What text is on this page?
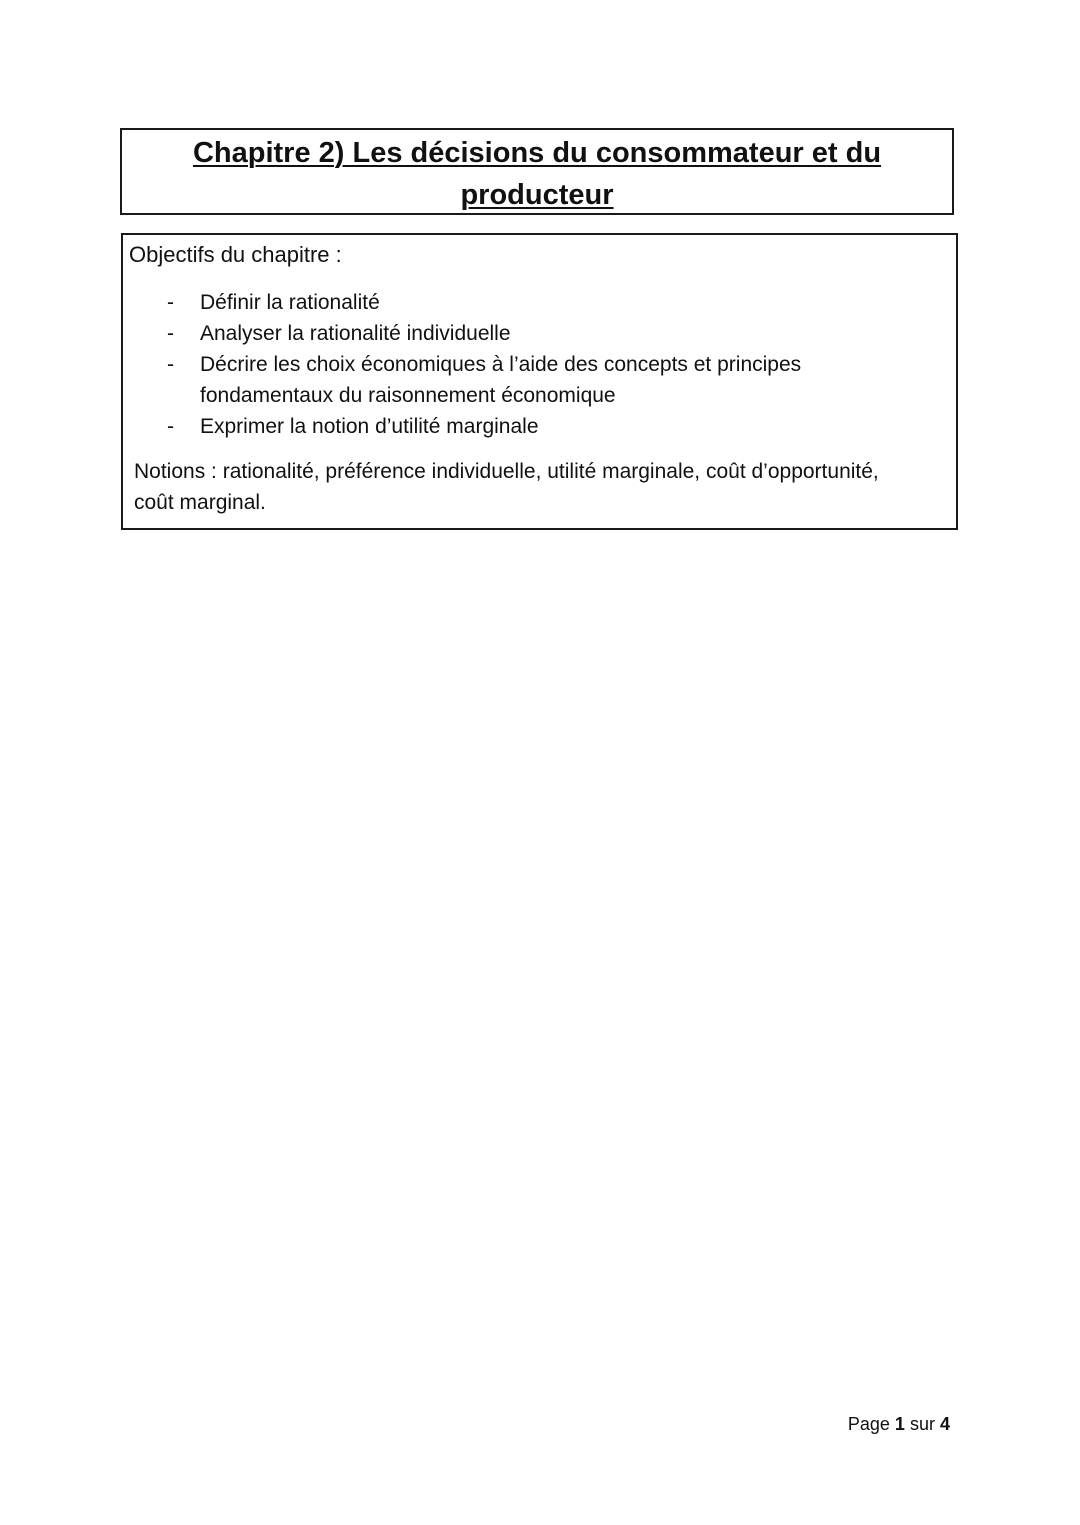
Chapitre 2) Les décisions du consommateur et du
producteur
Objectifs du chapitre :
- Définir la rationalité
- Analyser la rationalité individuelle
- Décrire les choix économiques à l’aide des concepts et principes
fondamentaux du raisonnement économique
- Exprimer la notion d’utilité marginale
Notions : rationalité, préférence individuelle, utilité marginale, coût d’opportunité,
coût marginal.
Page 1 sur 4
